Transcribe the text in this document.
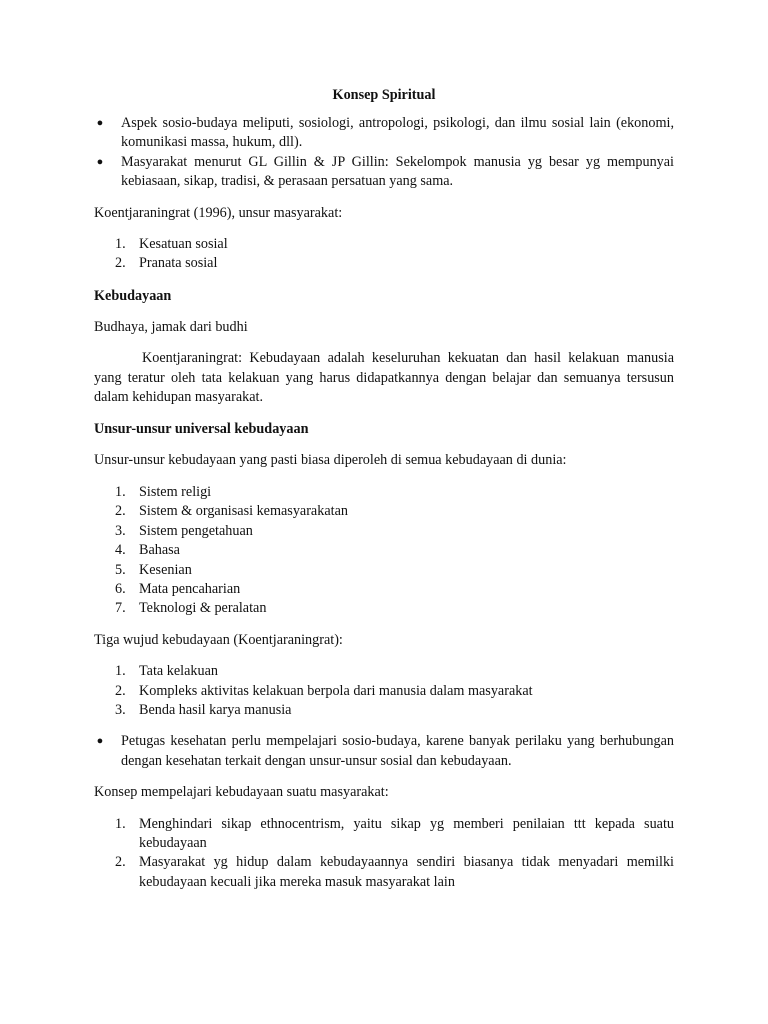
Konsep Spiritual
● Aspek sosio-budaya meliputi, sosiologi, antropologi, psikologi, dan ilmu sosial lain (ekonomi, komunikasi massa, hukum, dll).
● Masyarakat menurut GL Gillin & JP Gillin: Sekelompok manusia yg besar yg mempunyai kebiasaan, sikap, tradisi, & perasaan persatuan yang sama.

Koentjaraningrat (1996), unsur masyarakat:

1. Kesatuan sosial
2. Pranata sosial
Kebudayaan

Budhaya, jamak dari budhi

Koentjaraningrat: Kebudayaan adalah keseluruhan kekuatan dan hasil kelakuan manusia yang teratur oleh tata kelakuan yang harus didapatkannya dengan belajar dan semuanya tersusun dalam kehidupan masyarakat.

Unsur-unsur universal kebudayaan

Unsur-unsur kebudayaan yang pasti biasa diperoleh di semua kebudayaan di dunia:

1. Sistem religi
2. Sistem & organisasi kemasyarakatan
3. Sistem pengetahuan
4. Bahasa
5. Kesenian
6. Mata pencaharian
7. Teknologi & peralatan

Tiga wujud kebudayaan (Koentjaraningrat):

1. Tata kelakuan
2. Kompleks aktivitas kelakuan berpola dari manusia dalam masyarakat
3. Benda hasil karya manusia
● Petugas kesehatan perlu mempelajari sosio-budaya, karene banyak perilaku yang berhubungan dengan kesehatan terkait dengan unsur-unsur sosial dan kebudayaan.

Konsep mempelajari kebudayaan suatu masyarakat:

1. Menghindari sikap ethnocentrism, yaitu sikap yg memberi penilaian ttt kepada suatu kebudayaan
2. Masyarakat yg hidup dalam kebudayaannya sendiri biasanya tidak menyadari memilki kebudayaan kecuali jika mereka masuk masyarakat lain
